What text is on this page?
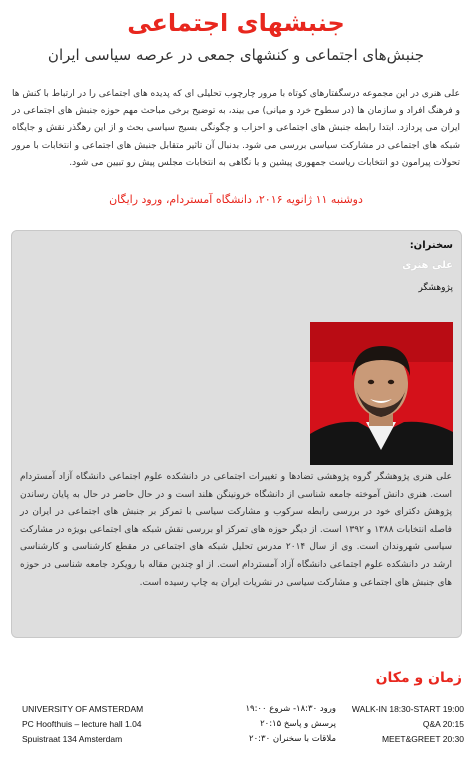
جنبشهای اجتماعی
جنبش‌های اجتماعی و کنشهای جمعی در عرصه سیاسی ایران
علی هنری در این مجموعه درسگفتارهای کوتاه با مرور چارچوب تحلیلی ای که پدیده های اجتماعی را در ارتباط با کنش ها و فرهنگ افراد و سازمان ها (در سطوح خرد و میانی) می بیند، به توضیح برخی مباحث مهم حوزه جنبش های اجتماعی در ایران می پردازد. ابتدا رابطه جنبش های اجتماعی و احزاب و چگونگی بسیج سیاسی بحث و از این رهگذر نقش و جایگاه شبکه های اجتماعی در مشارکت سیاسی بررسی می شود. بدنبال آن تاثیر متقابل جنبش های اجتماعی و انتخابات با مرور تحولات پیرامون دو انتخابات ریاست جمهوری پیشین و با نگاهی به انتخابات مجلس پیش رو تبیین می شود.
دوشنبه ۱۱ ژانویه ۲۰۱۶، دانشگاه آمستردام، ورود رایگان
سخنران:
علی هنری
پژوهشگر
علی هنری پژوهشگر گروه پژوهشی تضادها و تغییرات اجتماعی در دانشکده علوم اجتماعی دانشگاه آزاد آمستردام است. هنری دانش آموخته جامعه شناسی از دانشگاه خرونینگن هلند است و در حال حاضر در حال به پایان رساندن پژوهش دکترای خود در بررسی رابطه سرکوب و مشارکت سیاسی با تمرکز بر جنبش های اجتماعی در ایران در فاصله انتخابات ۱۳۸۸ و ۱۳۹۲ است. از دیگر حوزه های تمرکز او بررسی نقش شبکه های اجتماعی بویژه در مشارکت سیاسی شهروندان است. وی از سال ۲۰۱۴ مدرس تحلیل شبکه های اجتماعی در مقطع کارشناسی و کارشناسی ارشد در دانشکده علوم اجتماعی دانشگاه آزاد آمستردام است. از او چندین مقاله با رویکرد جامعه شناسی در حوزه های جنبش های اجتماعی و مشارکت سیاسی در نشریات ایران به چاپ رسیده است.
زمان و مکان
UNIVERSITY OF AMSTERDAM
PC Hoofthuis – lecture hall 1.04
Spuistraat 134 Amsterdam
ورود ۱۸:۳۰- شروع ۱۹:۰۰
پرسش و پاسخ ۲۰:۱۵
ملاقات با سخنران ۲۰:۳۰
WALK-IN 18:30-START 19:00
Q&A 20:15
MEET&GREET 20:30
